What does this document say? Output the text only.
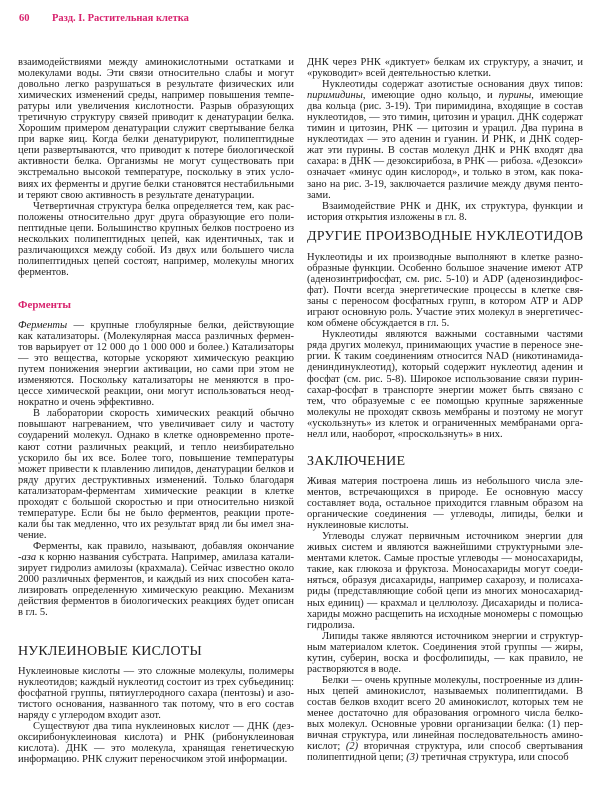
60 Разд. I. Растительная клетка
взаимодействиями между аминокислотными остатками и
молекулами воды. Эти связи относительно слабы и могут
довольно легко разрушаться в результате физических или
химических изменений среды, например повышения темпе-
ратуры или увеличения кислотности. Разрыв образующих
третичную структуру связей приводит к денатурации белка.
Хорошим примером денатурации служит свертывание белка
при варке яиц. Когда белки денатурируют, полипептидные
цепи развертываются, что приводит к потере биологической
активности белка. Организмы не могут существовать при
экстремально высокой температуре, поскольку в этих усло-
виях их ферменты и другие белки становятся нестабильными
и теряют свою активность в результате денатурации.
Четвертичная структура белка определяется тем, как рас-
положены относительно друг друга образующие его поли-
пептидные цепи. Большинство крупных белков построено из
нескольких полипептидных цепей, как идентичных, так и
различающихся между собой. Из двух или большего числа
полипептидных цепей состоят, например, молекулы многих
ферментов.
Ферменты
Ферменты — крупные глобулярные белки, действующие
как катализаторы. (Молекулярная масса различных фермен-
тов варьирует от 12 000 до 1 000 000 и более.) Катализаторы
— это вещества, которые ускоряют химическую реакцию
путем понижения энергии активации, но сами при этом не
изменяются. Поскольку катализаторы не меняются в про-
цессе химической реакции, они могут использоваться неод-
нократно и очень эффективно.
В лаборатории скорость химических реакций обычно
повышают нагреванием, что увеличивает силу и частоту
соударений молекул. Однако в клетке одновременно проте-
кают сотни различных реакций, и тепло неизбирательно
ускорило бы их все. Более того, повышение температуры
может привести к плавлению липидов, денатурации белков и
ряду других деструктивных изменений. Только благодаря
катализаторам-ферментам химические реакции в клетке
проходят с большой скоростью и при относительно низкой
температуре. Если бы не было ферментов, реакции проте-
кали бы так медленно, что их результат вряд ли бы имел зна-
чение.
Ферменты, как правило, называют, добавляя окончание
-аза к корню названия субстрата. Например, амилаза катали-
зирует гидролиз амилозы (крахмала). Сейчас известно около
2000 различных ферментов, и каждый из них способен ката-
лизировать определенную химическую реакцию. Механизм
действия ферментов в биологических реакциях будет описан
в гл. 5.
НУКЛЕИНОВЫЕ КИСЛОТЫ
Нуклеиновые кислоты — это сложные молекулы, полимеры
нуклеотидов; каждый нуклеотид состоит из трех субъединиц:
фосфатной группы, пятиуглеродного сахара (пентозы) и азо-
тистого основания, названного так потому, что в его состав
наряду с углеродом входит азот.
Существуют два типа нуклеиновых кислот — ДНК (дез-
оксирибонуклеиновая кислота) и РНК (рибонуклеиновая
кислота). ДНК — это молекула, хранящая генетическую
информацию. РНК служит переносчиком этой информации.
ДНК через РНК «диктует» белкам их структуру, а значит, и
«руководит» всей деятельностью клетки.
Нуклеотиды содержат азотистые основания двух типов:
пиримидины, имеющие одно кольцо, и пурины, имеющие
два кольца (рис. 3-19). Три пиримидина, входящие в состав
нуклеотидов, — это тимин, цитозин и урацил. ДНК содержат
тимин и цитозин, РНК — цитозин и урацил. Два пурина в
нуклеотидах — это аденин и гуанин. И РНК, и ДНК содер-
жат эти пурины. В состав молекул ДНК и РНК входят два
сахара: в ДНК — дезоксирибоза, в РНК — рибоза. «Дезокси»
означает «минус один кислород», и только в этом, как пока-
зано на рис. 3-19, заключается различие между двумя пенто-
зами.
Взаимодействие РНК и ДНК, их структура, функции и
история открытия изложены в гл. 8.
ДРУГИЕ ПРОИЗВОДНЫЕ НУКЛЕОТИДОВ
Нуклеотиды и их производные выполняют в клетке разно-
образные функции. Особенно большое значение имеют ATP
(аденозинтрифосфат, см. рис. 5-10) и ADP (аденозиндифос-
фат). Почти всегда энергетические процессы в клетке свя-
заны с переносом фосфатных групп, в котором ATP и ADP
играют основную роль. Участие этих молекул в энергетичес-
ком обмене обсуждается в гл. 5.
Нуклеотиды являются важными составными частями
ряда других молекул, принимающих участие в переносе эне-
ргии. К таким соединениям относится NAD (никотинамида-
дениндинуклеотид), который содержит нуклеотид аденин и
фосфат (см. рис. 5-8). Широкое использование связи пурин-
сахар-фосфат в транспорте энергии может быть связано с
тем, что образуемые с ее помощью крупные заряженные
молекулы не проходят сквозь мембраны и поэтому не могут
«ускользнуть» из клеток и ограниченных мембранами орга-
нелл или, наоборот, «проскользнуть» в них.
ЗАКЛЮЧЕНИЕ
Живая материя построена лишь из небольшого числа эле-
ментов, встречающихся в природе. Ее основную массу
составляет вода, остальное приходится главным образом на
органические соединения — углеводы, липиды, белки и
нуклеиновые кислоты.
Углеводы служат первичным источником энергии для
живых систем и являются важнейшими структурными эле-
ментами клеток. Самые простые углеводы — моносахариды,
такие, как глюкоза и фруктоза. Моносахариды могут соеди-
няться, образуя дисахариды, например сахарозу, и полисаха-
риды (представляющие собой цепи из многих моносахарид-
ных единиц) — крахмал и целлюлозу. Дисахариды и полиса-
хариды можно расщепить на исходные мономеры с помощью
гидролиза.
Липиды также являются источником энергии и структур-
ным материалом клеток. Соединения этой группы — жиры,
кутин, суберин, воска и фосфолипиды, — как правило, не
растворяются в воде.
Белки — очень крупные молекулы, построенные из длин-
ных цепей аминокислот, называемых полипептидами. В
состав белков входит всего 20 аминокислот, которых тем не
менее достаточно для образования огромного числа белко-
вых молекул. Основные уровни организации белка: (1) пер-
вичная структура, или линейная последовательность амино-
кислот; (2) вторичная структура, или способ свертывания
полипептидной цепи; (3) третичная структура, или способ
